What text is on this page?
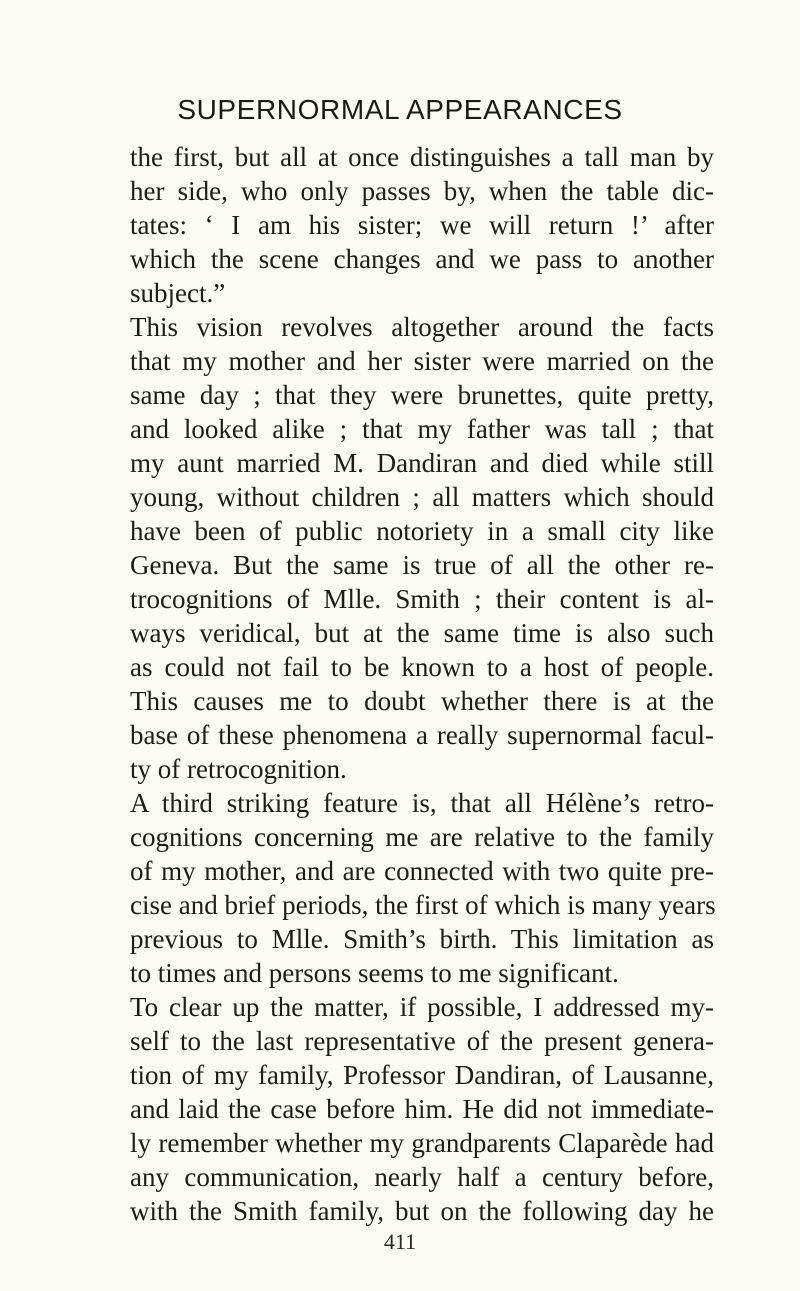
SUPERNORMAL APPEARANCES
the first, but all at once distinguishes a tall man by
her side, who only passes by, when the table dic-
tates: ‘ I am his sister; we will return !’ after
which the scene changes and we pass to another
subject.”
This vision revolves altogether around the facts
that my mother and her sister were married on the
same day ; that they were brunettes, quite pretty,
and looked alike ; that my father was tall ; that
my aunt married M. Dandiran and died while still
young, without children ; all matters which should
have been of public notoriety in a small city like
Geneva. But the same is true of all the other re-
trocognitions of Mlle. Smith ; their content is al-
ways veridical, but at the same time is also such
as could not fail to be known to a host of people.
This causes me to doubt whether there is at the
base of these phenomena a really supernormal facul-
ty of retrocognition.
A third striking feature is, that all Hélène’s retro-
cognitions concerning me are relative to the family
of my mother, and are connected with two quite pre-
cise and brief periods, the first of which is many years
previous to Mlle. Smith’s birth. This limitation as
to times and persons seems to me significant.
To clear up the matter, if possible, I addressed my-
self to the last representative of the present genera-
tion of my family, Professor Dandiran, of Lausanne,
and laid the case before him. He did not immediate-
ly remember whether my grandparents Claparède had
any communication, nearly half a century before,
with the Smith family, but on the following day he
411
